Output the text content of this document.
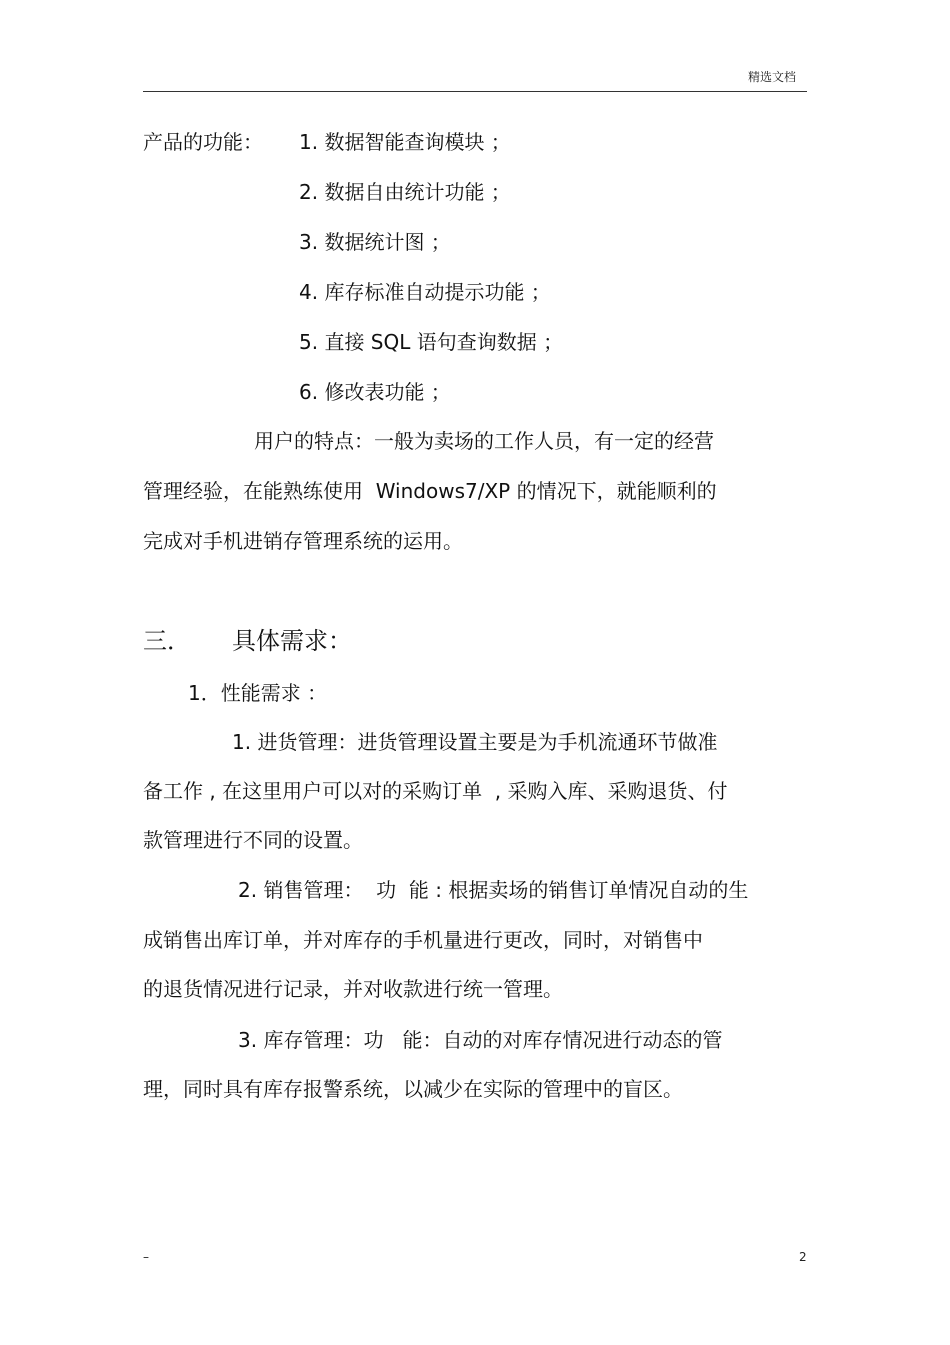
精选文档
产品的功能： 1. 数据智能查询模块 ；
2. 数据自由统计功能 ；
3. 数据统计图 ；
4. 库存标准自动提示功能 ；
5. 直接 SQL 语句查询数据 ；
6. 修改表功能 ；
用户的特点：一般为卖场的工作人员，有一定的经营
管理经验，在能熟练使用  Windows7/XP 的情况下，就能顺利的
完成对手机进销存管理系统的运用。
三． 具体需求：
1．性能需求 ：
1. 进货管理：进货管理设置主要是为手机流通环节做准
备工作 , 在这里用户可以对的采购订单  , 采购入库、采购退货、付
款管理进行不同的设置。
2. 销售管理：  功  能 : 根据卖场的销售订单情况自动的生
成销售出库订单，并对库存的手机量进行更改，同时，对销售中
的退货情况进行记录，并对收款进行统一管理。
3. 库存管理：功   能：自动的对库存情况进行动态的管
理，同时具有库存报警系统，以减少在实际的管理中的盲区。
–	2
